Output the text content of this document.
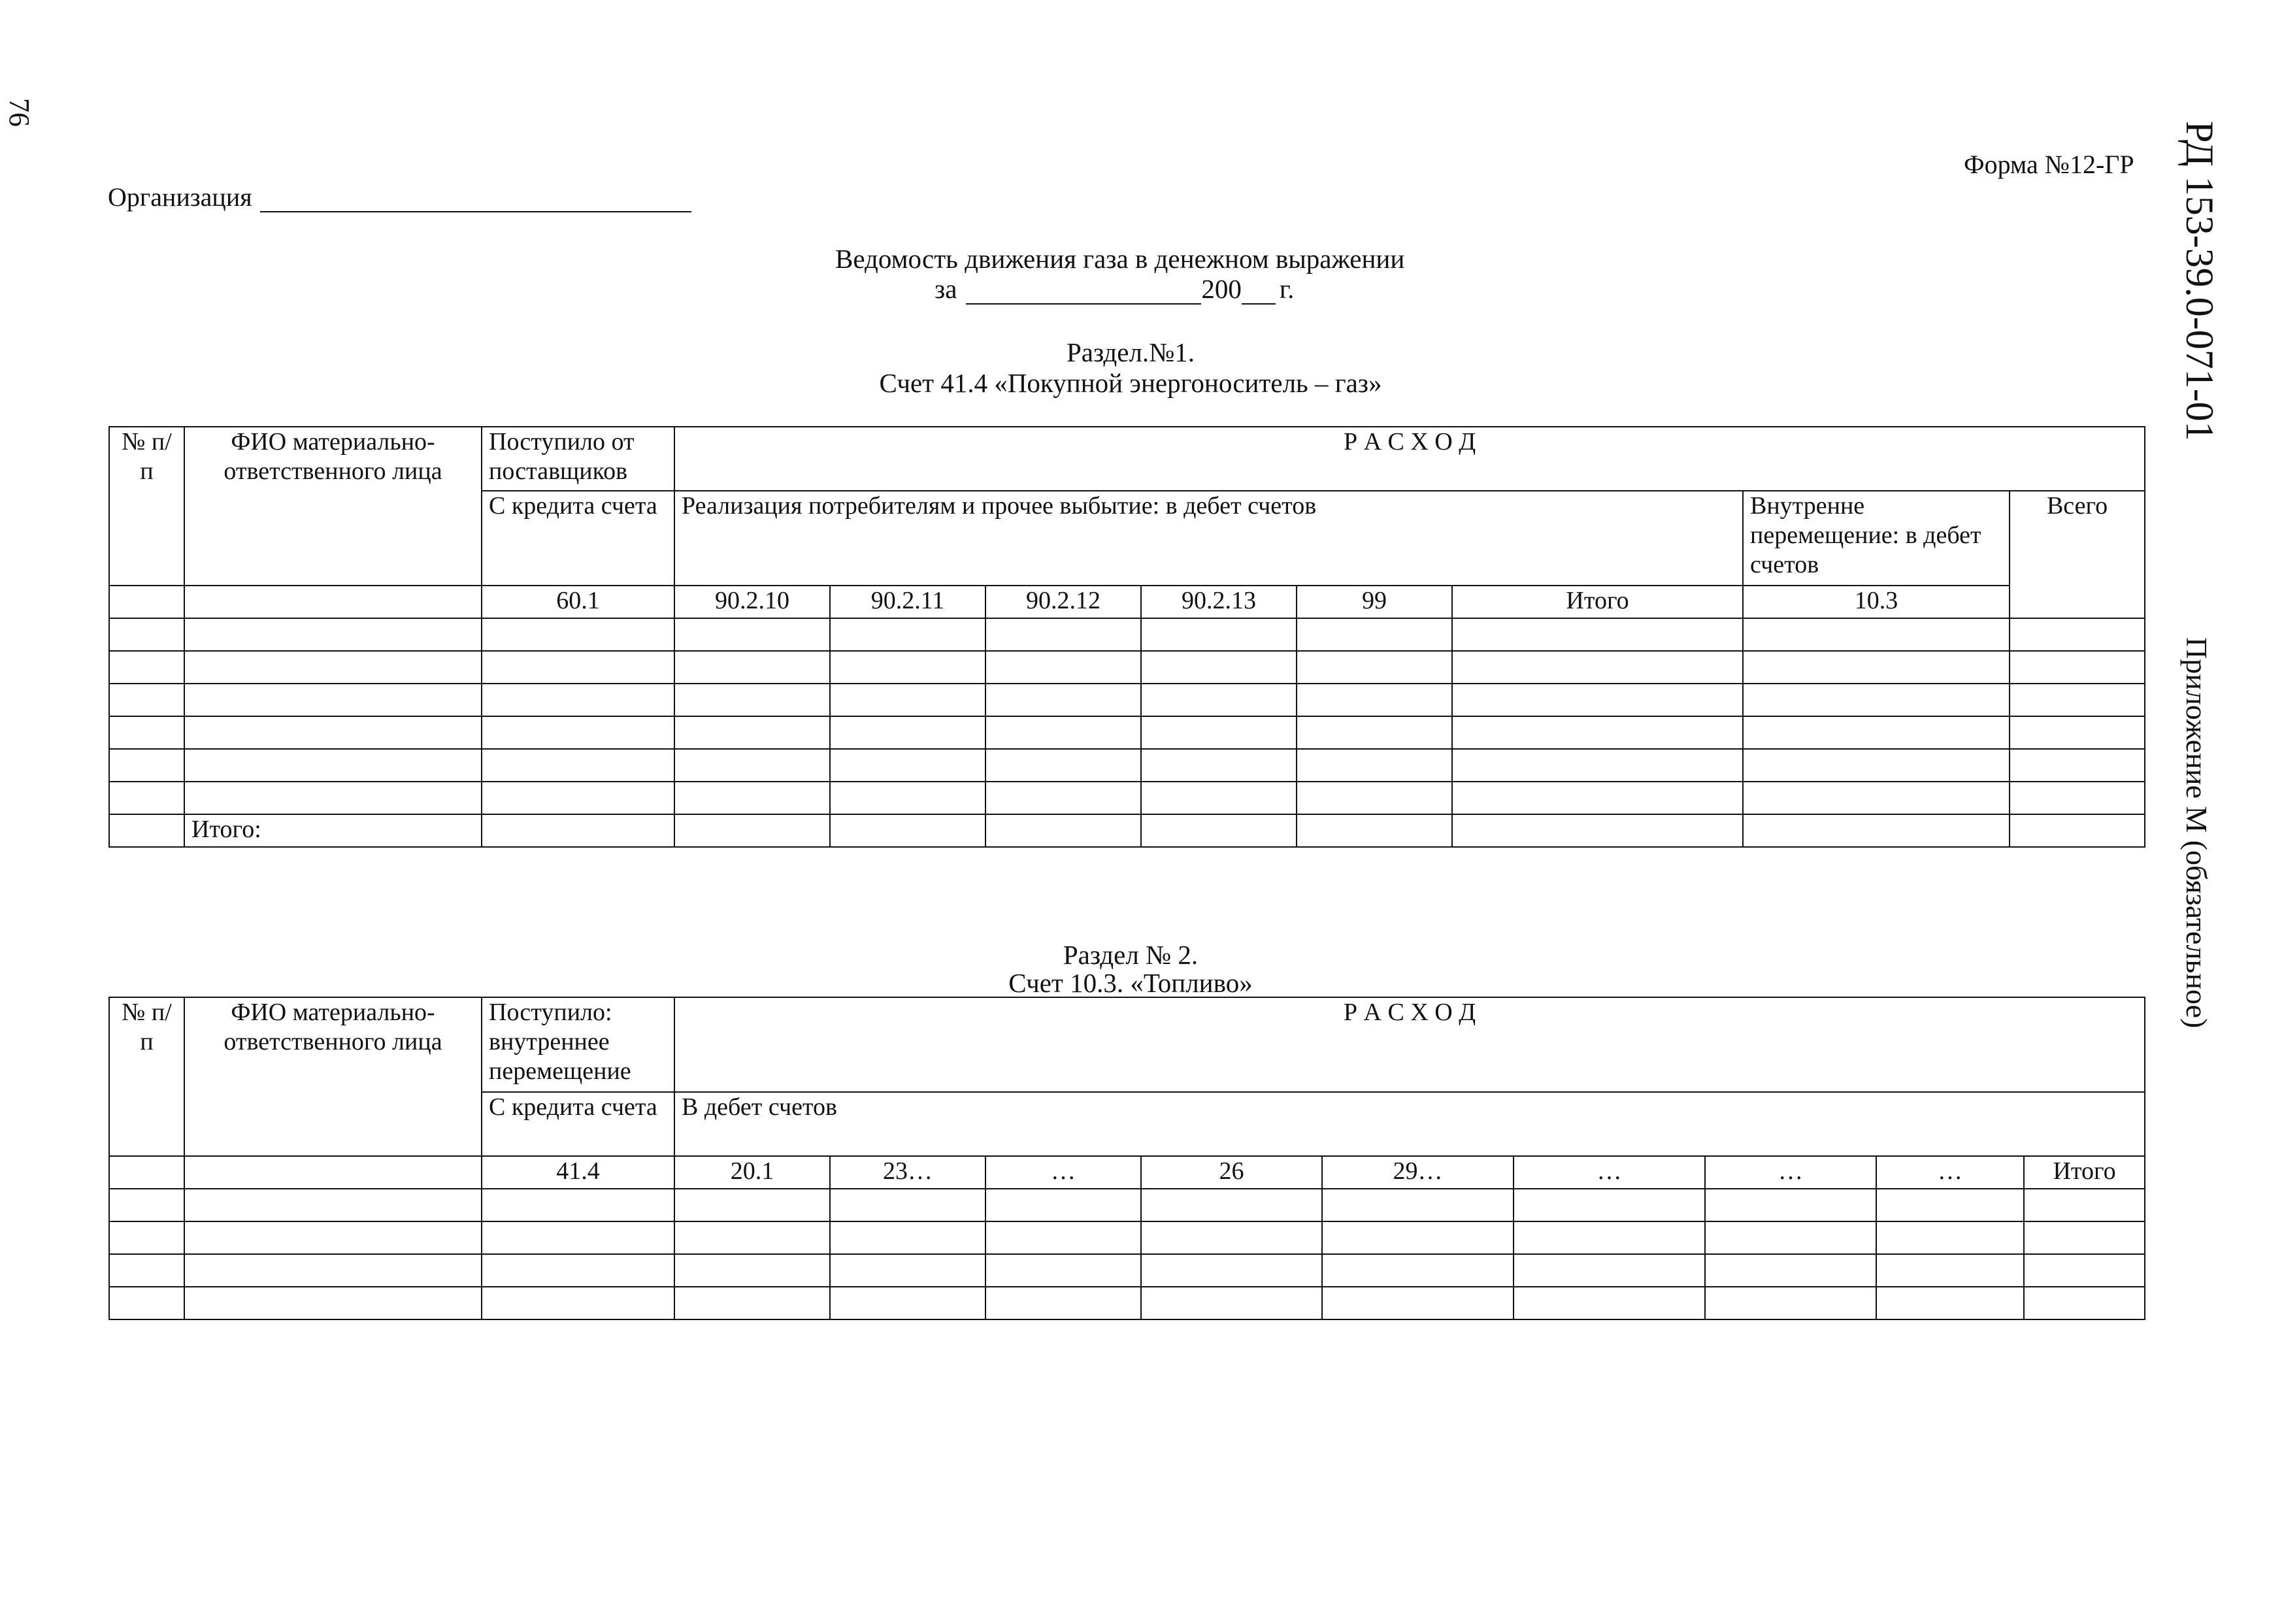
76
РД 153-39.0-071-01
Приложение М (обязательное)
Форма №12-ГР
Организация
Ведомость движения газа в денежном выражении
за	200 г.
Раздел.№1.
Счет 41.4 «Покупной энергоноситель – газ»
№ п/п	ФИО материально-ответственного лица	Поступило от поставщиков	Р А С Х О Д							
		С кредита счета	Реализация потребителям и прочее выбытие: в дебет счетов						Внутренне перемещение: в дебет счетов	Всего
		60.1	90.2.10	90.2.11	90.2.12	90.2.13	99	Итого	10.3	

	Итого:									
Раздел № 2.
Счет 10.3. «Топливо»
№ п/п	ФИО материально-ответственного лица	Поступило: внутреннее перемещение	Р А С Х О Д								
		С кредита счета	В дебет счетов								
		41.4	20.1	23…	…	26	29…	…	…	…	Итого
